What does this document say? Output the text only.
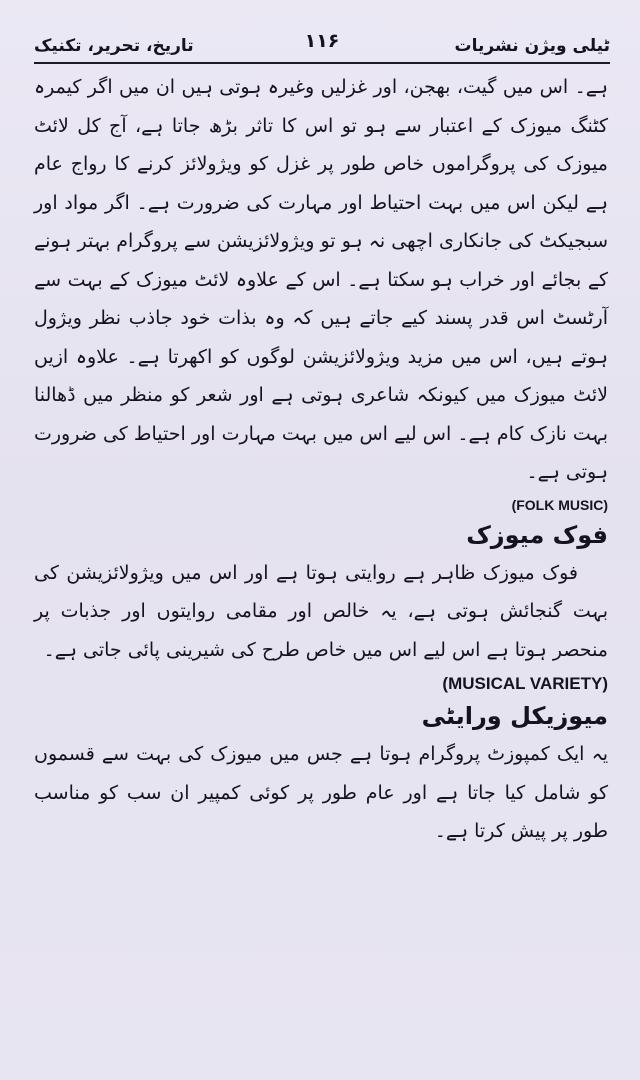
تاریخ، تحریر، تکنیک	۱۱۶	ٹیلی ویژن نشریات

ہے۔ اس میں گیت، بھجن، اور غزلیں وغیرہ ہوتی ہیں ان میں اگر کیمرہ کٹنگ میوزک کے اعتبار سے ہو تو اس کا تاثر بڑھ جاتا ہے، آج کل لائٹ میوزک کی پروگراموں خاص طور پر غزل کو ویژولائز کرنے کا رواج عام ہے لیکن اس میں بہت احتیاط اور مہارت کی ضرورت ہے۔ اگر مواد اور سبجیکٹ کی جانکاری اچھی نہ ہو تو ویژولائزیشن سے پروگرام بہتر ہونے کے بجائے اور خراب ہو سکتا ہے۔ اس کے علاوہ لائٹ میوزک کے بہت سے آرٹسٹ اس قدر پسند کیے جاتے ہیں کہ وہ بذات خود جاذب نظر ویژول ہوتے ہیں، اس میں مزید ویژولائزیشن لوگوں کو اکھرتا ہے۔ علاوہ ازیں لائٹ میوزک میں کیونکہ شاعری ہوتی ہے اور شعر کو منظر میں ڈھالنا بہت نازک کام ہے۔ اس لیے اس میں بہت مہارت اور احتیاط کی ضرورت ہوتی ہے۔

(FOLK MUSIC)

فوک میوزک

فوک میوزک ظاہر ہے روایتی ہوتا ہے اور اس میں ویژولائزیشن کی بہت گنجائش ہوتی ہے، یہ خالص اور مقامی روایتوں اور جذبات پر منحصر ہوتا ہے اس لیے اس میں خاص طرح کی شیرینی پائی جاتی ہے۔

(MUSICAL VARIETY)

میوزیکل ورایٹی

یہ ایک کمپوزٹ پروگرام ہوتا ہے جس میں میوزک کی بہت سے قسموں کو شامل کیا جاتا ہے اور عام طور پر کوئی کمپیر ان سب کو مناسب طور پر پیش کرتا ہے۔
